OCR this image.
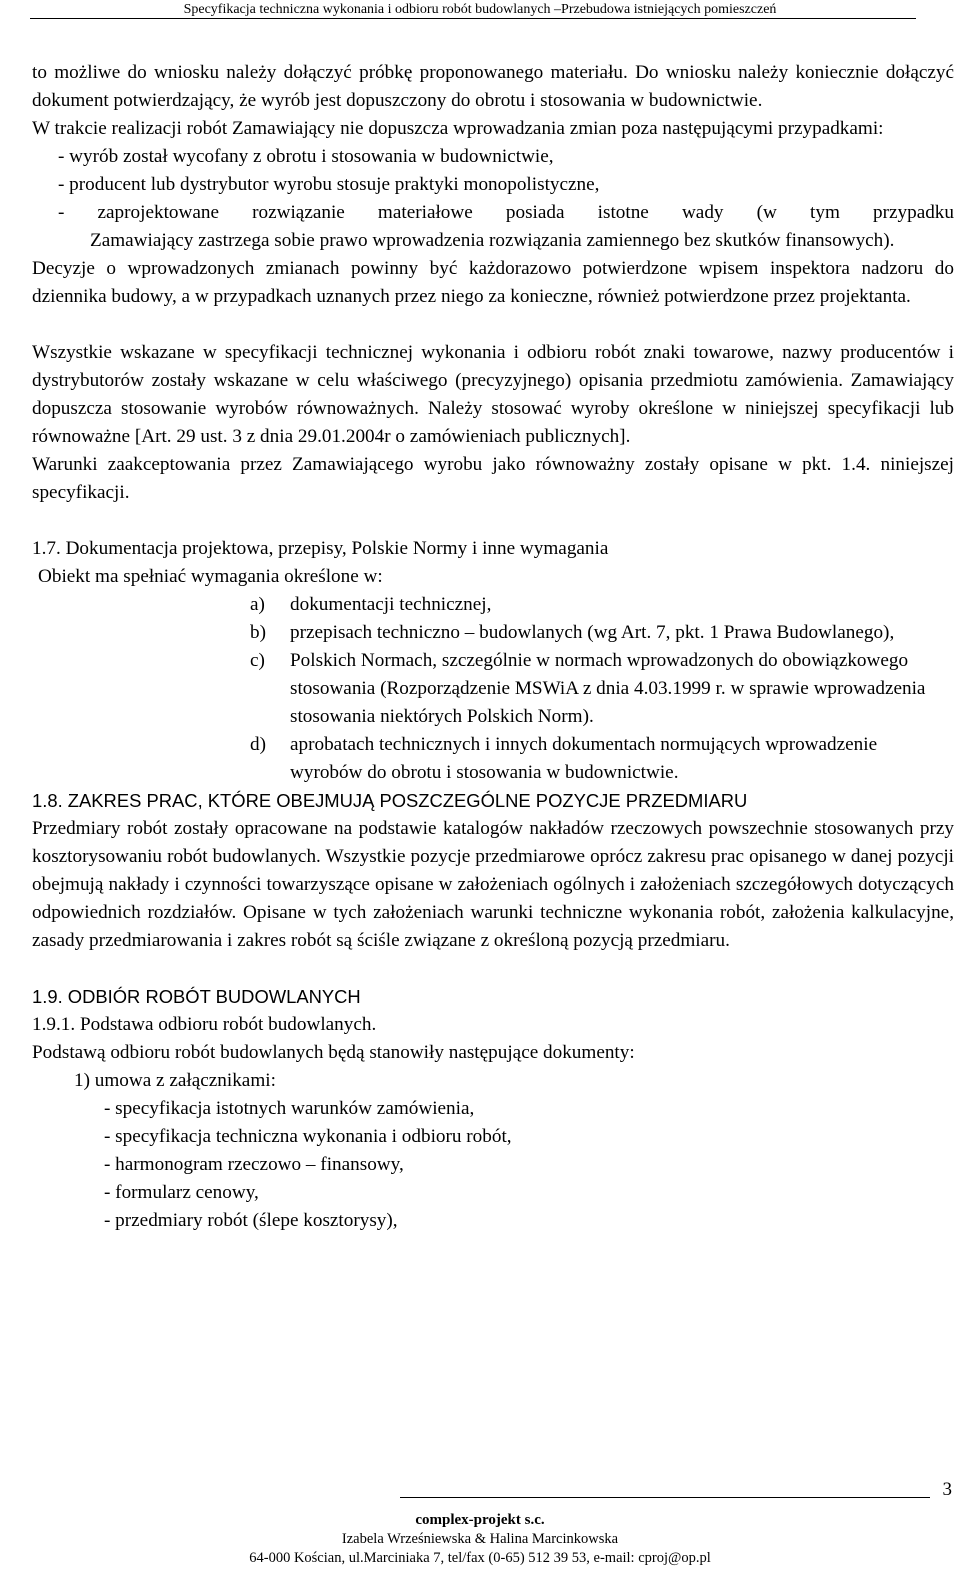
Specyfikacja techniczna wykonania i odbioru robót budowlanych –Przebudowa istniejących pomieszczeń

to możliwe do wniosku należy dołączyć próbkę proponowanego materiału. Do wniosku należy koniecznie dołączyć dokument potwierdzający, że wyrób jest dopuszczony do obrotu i stosowania w budownictwie.

W trakcie realizacji robót Zamawiający nie dopuszcza wprowadzania zmian poza następującymi przypadkami:

- wyrób został wycofany z obrotu i stosowania w budownictwie,
- producent lub dystrybutor wyrobu stosuje praktyki monopolistyczne,

- zaprojektowane rozwiązanie materiałowe posiada istotne wady (w tym przypadku

Zamawiający zastrzega sobie prawo wprowadzenia rozwiązania zamiennego bez skutków finansowych).

Decyzje o wprowadzonych zmianach powinny być każdorazowo potwierdzone wpisem inspektora nadzoru do dziennika budowy, a w przypadkach uznanych przez niego za konieczne, również potwierdzone przez projektanta.

Wszystkie wskazane w specyfikacji technicznej wykonania i odbioru robót znaki towarowe, nazwy producentów i dystrybutorów zostały wskazane w celu właściwego (precyzyjnego) opisania przedmiotu zamówienia. Zamawiający dopuszcza stosowanie wyrobów równoważnych. Należy stosować wyroby określone w niniejszej specyfikacji lub równoważne [Art. 29 ust. 3 z dnia 29.01.2004r o zamówieniach publicznych].

Warunki zaakceptowania przez Zamawiającego wyrobu jako równoważny zostały opisane w pkt. 1.4. niniejszej specyfikacji.

1.7. Dokumentacja projektowa, przepisy, Polskie Normy i inne wymagania

Obiekt ma spełniać wymagania określone w:

a)	dokumentacji technicznej,
b)	przepisach techniczno – budowlanych (wg Art. 7, pkt. 1 Prawa Budowlanego),
c)	Polskich Normach, szczególnie w normach wprowadzonych do obowiązkowego stosowania (Rozporządzenie MSWiA z dnia 4.03.1999 r. w sprawie wprowadzenia stosowania niektórych Polskich Norm).
d)	aprobatach technicznych i innych dokumentach normujących wprowadzenie wyrobów do obrotu i stosowania w budownictwie.

1.8. ZAKRES PRAC, KTÓRE OBEJMUJĄ POSZCZEGÓLNE POZYCJE PRZEDMIARU

Przedmiary robót zostały opracowane na podstawie katalogów nakładów rzeczowych powszechnie stosowanych przy kosztorysowaniu robót budowlanych. Wszystkie pozycje przedmiarowe oprócz zakresu prac opisanego w danej pozycji obejmują nakłady i czynności towarzyszące opisane w założeniach ogólnych i założeniach szczegółowych dotyczących odpowiednich rozdziałów. Opisane w tych założeniach warunki techniczne wykonania robót, założenia kalkulacyjne, zasady przedmiarowania i zakres robót są ściśle związane z określoną pozycją przedmiaru.

1.9. ODBIÓR ROBÓT BUDOWLANYCH

1.9.1. Podstawa odbioru robót budowlanych.

Podstawą odbioru robót budowlanych będą stanowiły następujące dokumenty:

1) umowa z załącznikami:

- specyfikacja istotnych warunków zamówienia,
- specyfikacja techniczna wykonania i odbioru robót,
- harmonogram rzeczowo – finansowy,
- formularz cenowy,
- przedmiary robót (ślepe kosztorysy),
3
complex-projekt s.c.
Izabela Wrześniewska & Halina Marcinkowska
64-000 Kościan, ul.Marciniaka 7, tel/fax (0-65) 512 39 53, e-mail: cproj@op.pl
